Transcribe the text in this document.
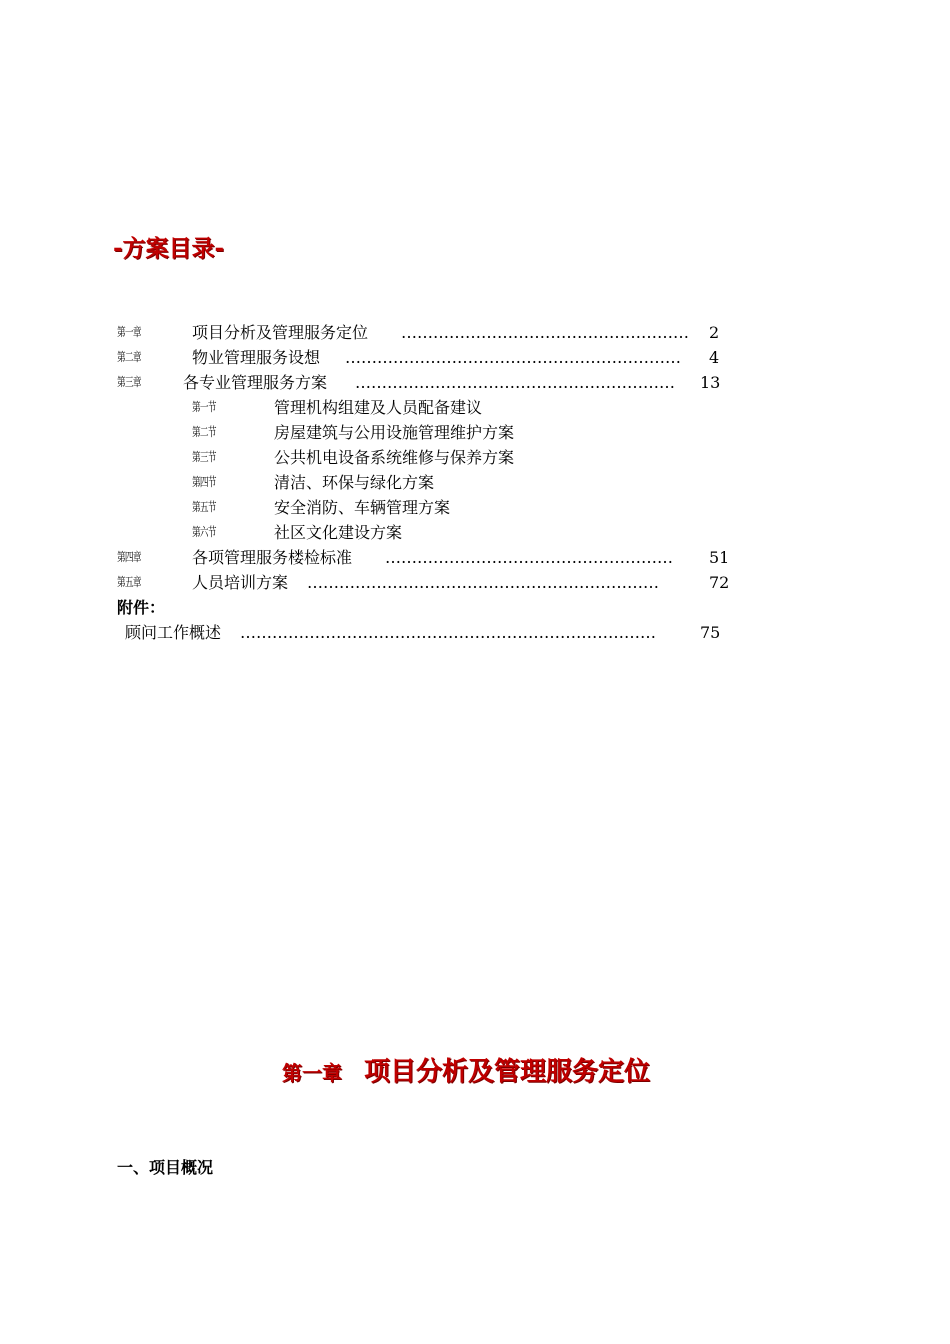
-方案目录-
第一章	项目分析及管理服务定位 ………………………………………………	2
第二章	物业管理服务设想 ………………………………………………………	4
第三章	各专业管理服务方案 ……………………………………………………	13
第一节	管理机构组建及人员配备建议
第二节	房屋建筑与公用设施管理维护方案
第三节	公共机电设备系统维修与保养方案
第四节	清洁、环保与绿化方案
第五节	安全消防、车辆管理方案
第六节	社区文化建设方案
第四章	各项管理服务楼检标准 ………………………………………………	51
第五章	人员培训方案 …………………………………………………………	72
附件：
顾问工作概述 ……………………………………………………………………	75
第一章 项目分析及管理服务定位
一、项目概况
